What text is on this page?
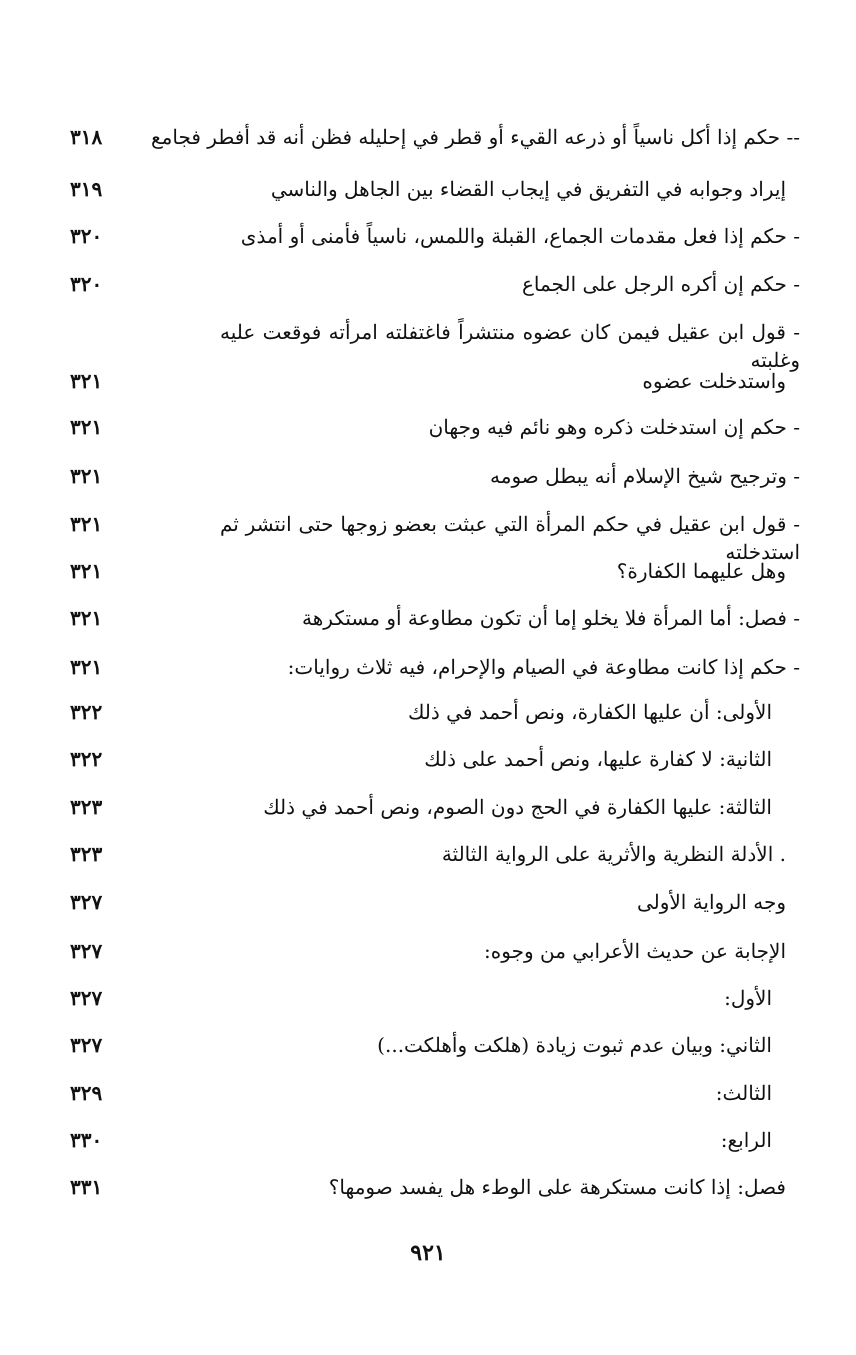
-- حكم إذا أكل ناسياً أو ذرعه القيء أو قطر في إحليله فظن أنه قد أفطر فجامع
٣١٨
إيراد وجوابه في التفريق في إيجاب القضاء بين الجاهل والناسي
٣١٩
- حكم إذا فعل مقدمات الجماع، القبلة واللمس، ناسياً فأمنى أو أمذى
٣٢٠
- حكم إن أكره الرجل على الجماع
٣٢٠
- قول ابن عقيل فيمن كان عضوه منتشراً فاغتفلته امرأته فوقعت عليه وغلبته
واستدخلت عضوه
٣٢١
- حكم إن استدخلت ذكره وهو نائم فيه وجهان
٣٢١
- وترجيح شيخ الإسلام أنه يبطل صومه
٣٢١
- قول ابن عقيل في حكم المرأة التي عبثت بعضو زوجها حتى انتشر ثم استدخلته
٣٢١
وهل عليهما الكفارة؟
٣٢١
- فصل: أما المرأة فلا يخلو إما أن تكون مطاوعة أو مستكرهة
٣٢١
- حكم إذا كانت مطاوعة في الصيام والإحرام، فيه ثلاث روايات:
٣٢١
الأولى: أن عليها الكفارة، ونص أحمد في ذلك
٣٢٢
الثانية: لا كفارة عليها، ونص أحمد على ذلك
٣٢٢
الثالثة: عليها الكفارة في الحج دون الصوم، ونص أحمد في ذلك
٣٢٣
. الأدلة النظرية والأثرية على الرواية الثالثة
٣٢٣
وجه الرواية الأولى
٣٢٧
الإجابة عن حديث الأعرابي من وجوه:
٣٢٧
الأول:
٣٢٧
الثاني: وبيان عدم ثبوت زيادة (هلكت وأهلكت...)
٣٢٧
الثالث:
٣٢٩
الرابع:
٣٣٠
فصل: إذا كانت مستكرهة على الوطء هل يفسد صومها؟
٣٣١
٩٢١
